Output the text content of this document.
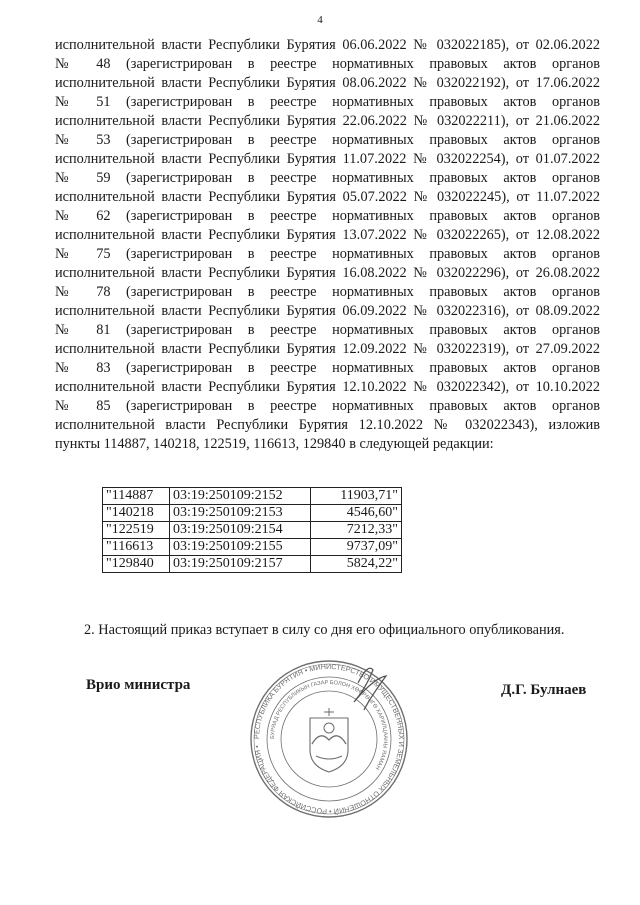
4
исполнительной власти Республики Бурятия 06.06.2022 № 032022185), от 02.06.2022
№ 48 (зарегистрирован в реестре нормативных правовых актов органов
исполнительной власти Республики Бурятия 08.06.2022 № 032022192), от 17.06.2022
№ 51 (зарегистрирован в реестре нормативных правовых актов органов
исполнительной власти Республики Бурятия 22.06.2022 № 032022211), от 21.06.2022
№ 53 (зарегистрирован в реестре нормативных правовых актов органов
исполнительной власти Республики Бурятия 11.07.2022 № 032022254), от 01.07.2022
№ 59 (зарегистрирован в реестре нормативных правовых актов органов
исполнительной власти Республики Бурятия 05.07.2022 № 032022245), от 11.07.2022
№ 62 (зарегистрирован в реестре нормативных правовых актов органов
исполнительной власти Республики Бурятия 13.07.2022 № 032022265), от 12.08.2022
№ 75 (зарегистрирован в реестре нормативных правовых актов органов
исполнительной власти Республики Бурятия 16.08.2022 № 032022296), от 26.08.2022
№ 78 (зарегистрирован в реестре нормативных правовых актов органов
исполнительной власти Республики Бурятия 06.09.2022 № 032022316), от 08.09.2022
№ 81 (зарегистрирован в реестре нормативных правовых актов органов
исполнительной власти Республики Бурятия 12.09.2022 № 032022319), от 27.09.2022
№ 83 (зарегистрирован в реестре нормативных правовых актов органов
исполнительной власти Республики Бурятия 12.10.2022 № 032022342), от 10.10.2022
№ 85 (зарегистрирован в реестре нормативных правовых актов органов
исполнительной власти Республики Бурятия 12.10.2022 № 032022343), изложив
пункты 114887, 140218, 122519, 116613, 129840 в следующей редакции:
"114887	03:19:250109:2152	11903,71"
"140218	03:19:250109:2153	4546,60"
"122519	03:19:250109:2154	7212,33"
"116613	03:19:250109:2155	9737,09"
"129840	03:19:250109:2157	5824,22"
2. Настоящий приказ вступает в силу со дня его официального опубликования.
Врио министра
РЕСПУБЛИКА БУРЯТИЯ • МИНИСТЕРСТВО ИМУЩЕСТВЕННЫХ И ЗЕМЕЛЬНЫХ ОТНОШЕНИЙ • РОССИЙСКАЯ ФЕДЕРАЦИЯ •
БУРЯАД РЕСПУБЛИКЫН ГАЗАР БОЛОН ХӨӨРӨНГӨ ХАРИЛЦААНЫ ЯАМАН
Д.Г. Булнаев
